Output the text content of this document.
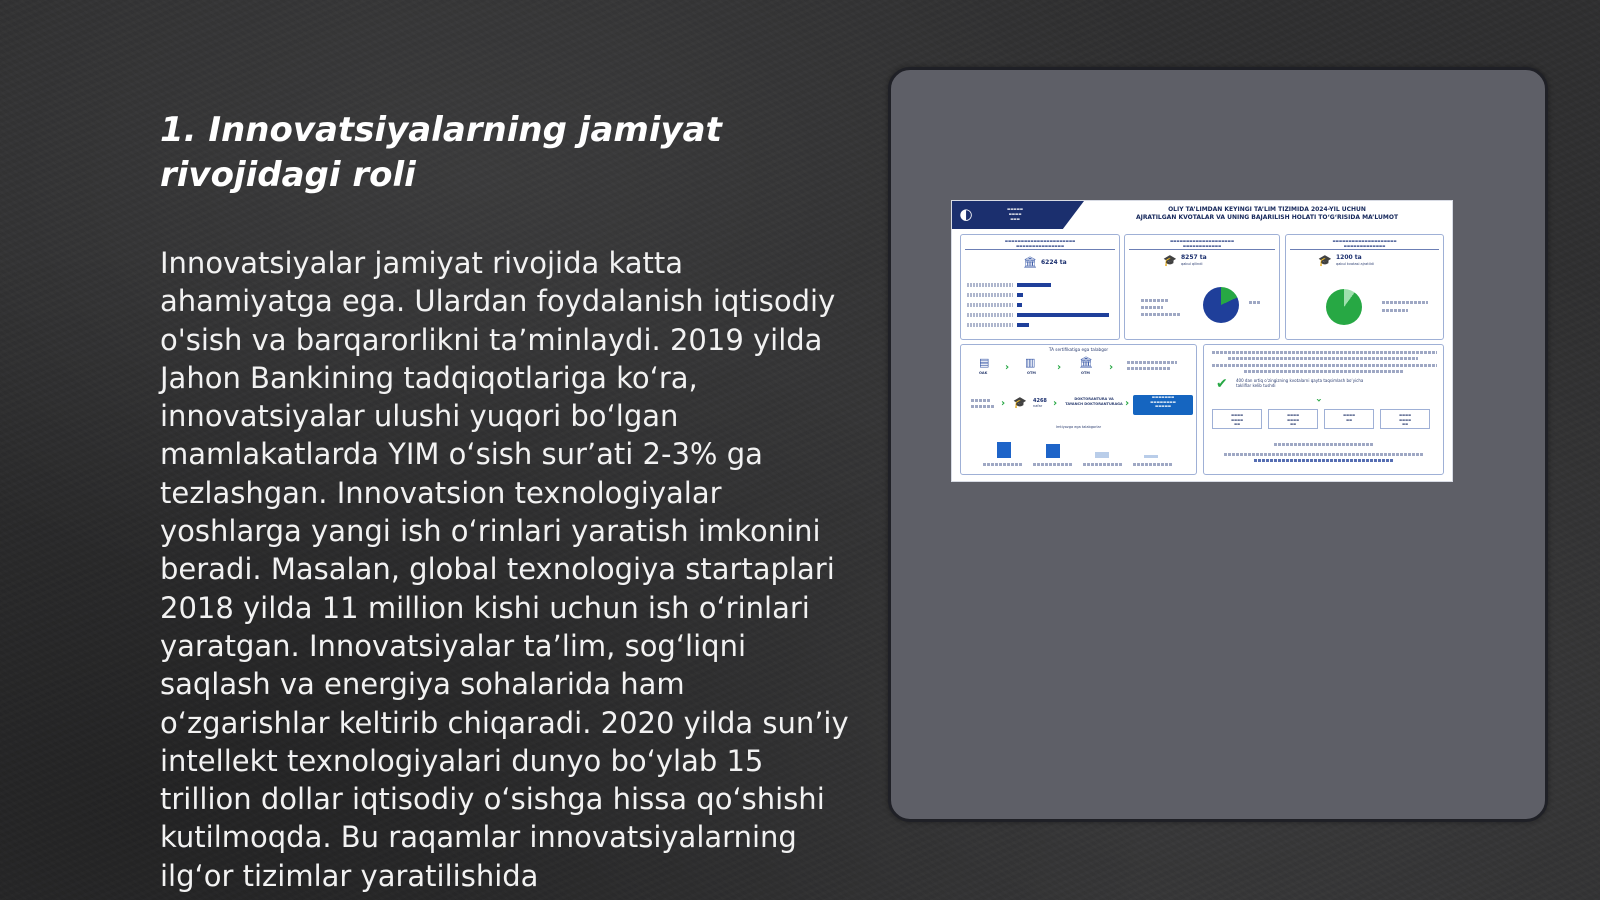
1. Innovatsiyalarning jamiyat rivojidagi roli

Innovatsiyalar jamiyat rivojida katta ahamiyatga ega. Ulardan foydalanish iqtisodiy o'sish va barqarorlikni ta’minlaydi. 2019 yilda Jahon Bankining tadqiqotlariga ko‘ra, innovatsiyalar ulushi yuqori bo‘lgan mamlakatlarda YIM o‘sish sur’ati 2-3% ga tezlashgan. Innovatsion texnologiyalar yoshlarga yangi ish o‘rinlari yaratish imkonini beradi. Masalan, global texnologiya startaplari 2018 yilda 11 million kishi uchun ish o‘rinlari yaratgan. Innovatsiyalar ta’lim, sog‘liqni saqlash va energiya sohalarida ham o‘zgarishlar keltirib chiqaradi. 2020 yilda sun’iy intellekt texnologiyalari dunyo bo‘ylab 15 trillion dollar iqtisodiy o‘sishga hissa qo‘shishi kutilmoqda. Bu raqamlar innovatsiyalarning ilg‘or tizimlar yaratilishida

◐	▬▬▬▬▬
▬▬▬▬
▬▬▬
OLIY TA’LIMDAN KEYINGI TA’LIM TIZIMIDA 2024-YIL UCHUN
AJRATILGAN KVOTALAR VA UNING BAJARILISH HOLATI TO‘G‘RISIDA MA’LUMOT
▬▬▬▬▬▬▬▬▬▬▬▬▬▬▬▬▬▬▬▬▬▬
▬▬▬▬▬▬▬▬▬▬▬▬▬▬▬
🏛 6224 ta
▬▬▬▬▬▬▬▬▬▬▬▬▬▬▬▬▬▬▬▬
▬▬▬▬▬▬▬▬▬▬▬▬
🎓 8257 ta
qabul qilindi
▬▬▬▬▬▬▬▬▬▬▬▬▬▬▬▬▬▬▬▬
▬▬▬▬▬▬▬▬▬▬▬▬▬
🎓 1200 ta
qabul kvotasi ajratildi
TA sertifikatiga ega talabgor
▤
OAK › ▥
OTM › 🏛
OTM ›
› 🎓 4268
nafar ›	DOKTORANTURA VA TAYANCH DOKTORANTURAGA ›
▬▬▬▬▬▬▬
▬▬▬▬▬▬▬▬
▬▬▬▬▬
Imtiyozga ega talabgorlar
✔ 400 dan ortiq o‘zingizning kvotalarni qayta taqsimlash bo‘yicha takliflar kelib tushdi
›
▬▬▬▬
▬▬▬▬
▬▬
▬▬▬▬
▬▬▬▬
▬▬
▬▬▬▬
▬▬
▬▬▬▬
▬▬▬▬
▬▬
